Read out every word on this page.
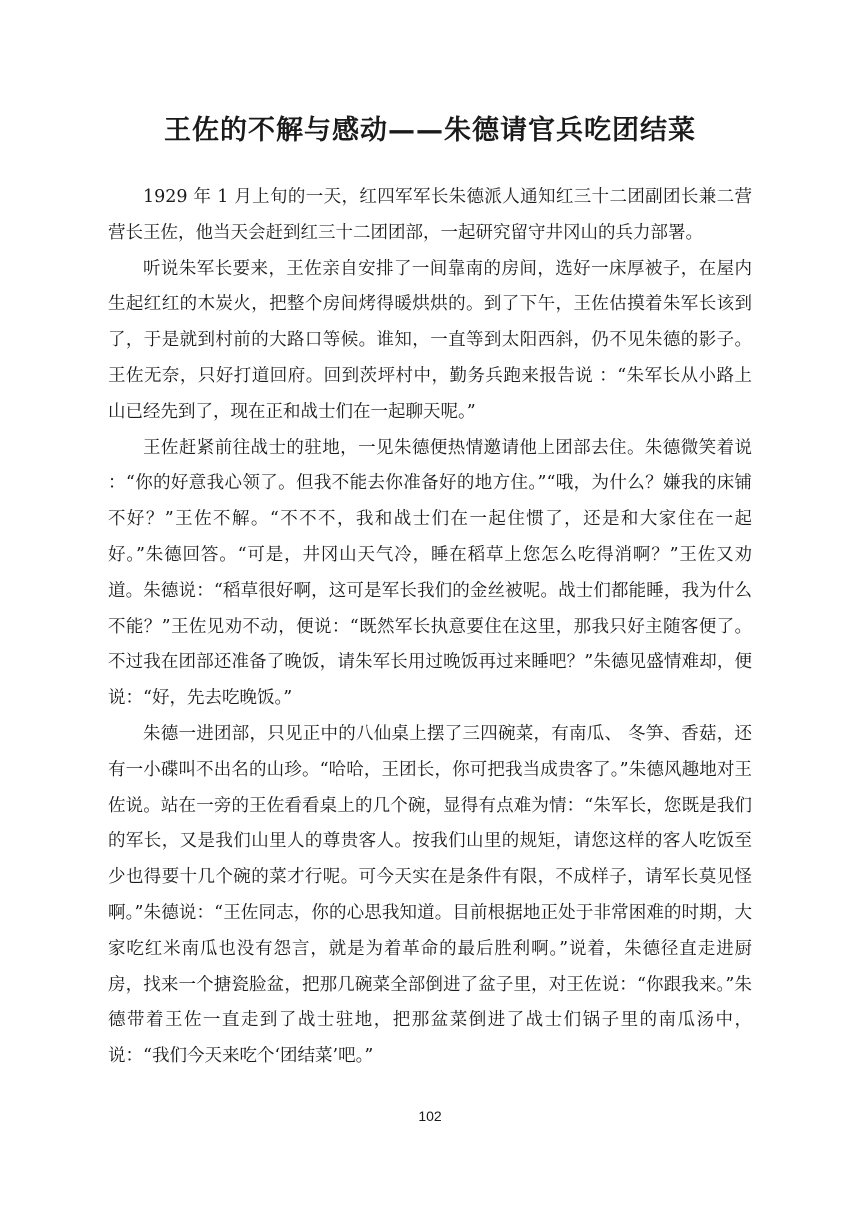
王佐的不解与感动——朱德请官兵吃团结菜

1929 年 1 月上旬的一天，红四军军长朱德派人通知红三十二团副团长兼二营营长王佐，他当天会赶到红三十二团团部，一起研究留守井冈山的兵力部署。

听说朱军长要来，王佐亲自安排了一间靠南的房间，选好一床厚被子，在屋内生起红红的木炭火，把整个房间烤得暖烘烘的。到了下午，王佐估摸着朱军长该到了，于是就到村前的大路口等候。谁知，一直等到太阳西斜，仍不见朱德的影子。王佐无奈，只好打道回府。回到茨坪村中，勤务兵跑来报告说 ：“朱军长从小路上山已经先到了，现在正和战士们在一起聊天呢。”

王佐赶紧前往战士的驻地，一见朱德便热情邀请他上团部去住。朱德微笑着说 ：“你的好意我心领了。但我不能去你准备好的地方住。”“哦，为什么？嫌我的床铺不好？”王佐不解。“不不不，我和战士们在一起住惯了，还是和大家住在一起好。”朱德回答。“可是，井冈山天气冷，睡在稻草上您怎么吃得消啊？”王佐又劝道。朱德说：“稻草很好啊，这可是军长我们的金丝被呢。战士们都能睡，我为什么不能？”王佐见劝不动，便说：“既然军长执意要住在这里，那我只好主随客便了。不过我在团部还准备了晚饭，请朱军长用过晚饭再过来睡吧？”朱德见盛情难却，便说：“好，先去吃晚饭。”

朱德一进团部，只见正中的八仙桌上摆了三四碗菜，有南瓜、 冬笋、香菇，还有一小碟叫不出名的山珍。“哈哈，王团长，你可把我当成贵客了。”朱德风趣地对王佐说。站在一旁的王佐看看桌上的几个碗，显得有点难为情：“朱军长，您既是我们的军长，又是我们山里人的尊贵客人。按我们山里的规矩，请您这样的客人吃饭至少也得要十几个碗的菜才行呢。可今天实在是条件有限，不成样子，请军长莫见怪啊。”朱德说：“王佐同志，你的心思我知道。目前根据地正处于非常困难的时期，大家吃红米南瓜也没有怨言，就是为着革命的最后胜利啊。”说着，朱德径直走进厨房，找来一个搪瓷脸盆，把那几碗菜全部倒进了盆子里，对王佐说：“你跟我来。”朱德带着王佐一直走到了战士驻地，把那盆菜倒进了战士们锅子里的南瓜汤中，说：“我们今天来吃个‘团结菜’吧。”

102
